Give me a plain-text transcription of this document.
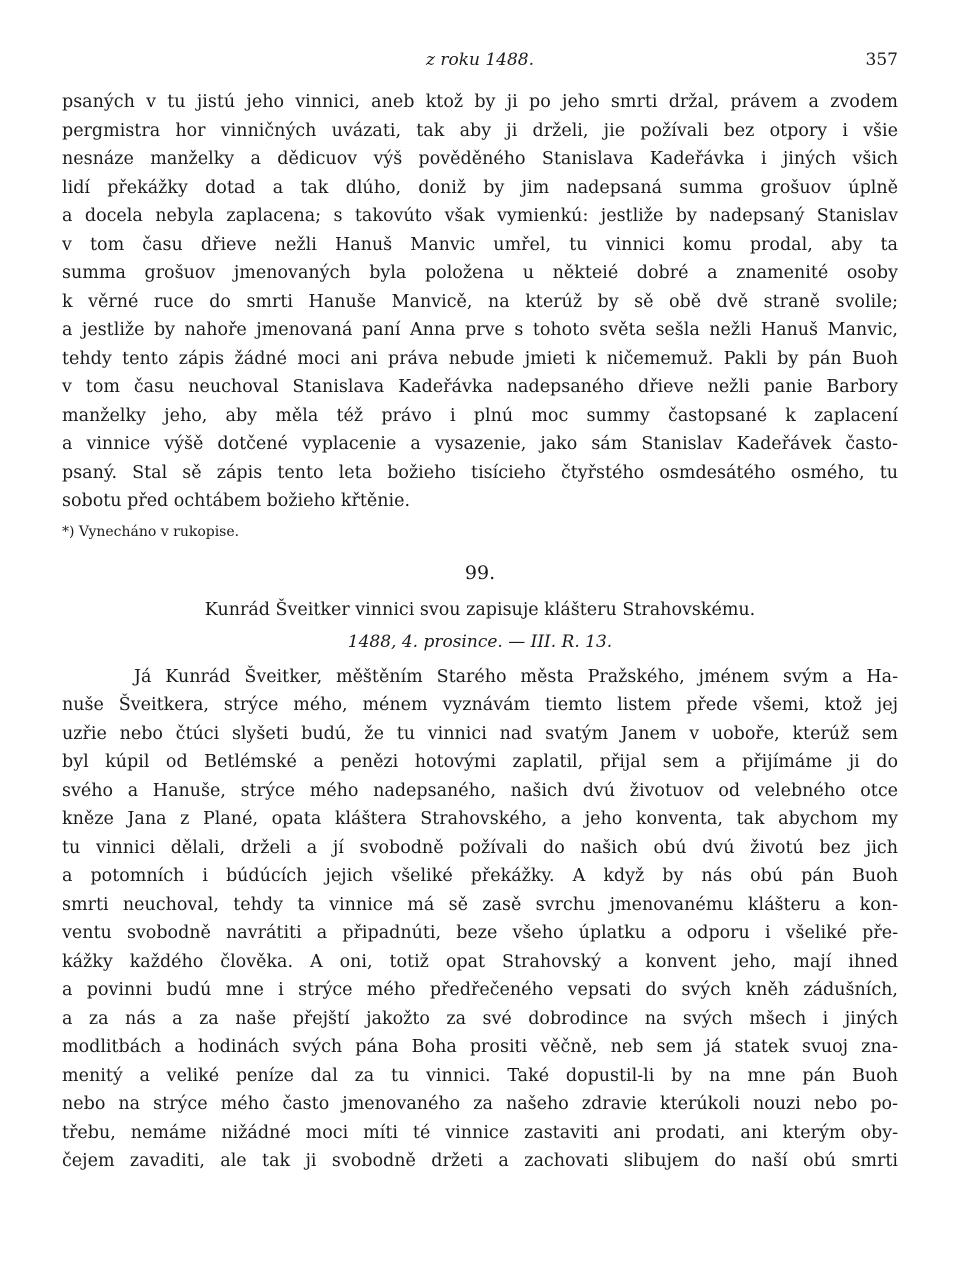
z roku 1488.	357

psaných v tu jistú jeho vinnici, aneb ktož by ji po jeho smrti držal, právem a zvodem
pergmistra hor vinničných uvázati, tak aby ji drželi, jie požívali bez otpory i všie
nesnáze manželky a dědicuov výš pověděného Stanislava Kadeřávka i jiných všich
lidí překážky dotad a tak dlúho, doniž by jim nadepsaná summa grošuov úplně
a docela nebyla zaplacena; s takovúto však vymienkú: jestliže by nadepsaný Stanislav
v tom času dřieve nežli Hanuš Manvic umřel, tu vinnici komu prodal, aby ta
summa grošuov jmenovaných byla položena u někteié dobré a znamenité osoby
k věrné ruce do smrti Hanuše Manvicě, na kterúž by sě obě dvě straně svolile;
a jestliže by nahoře jmenovaná paní Anna prve s tohoto světa sešla nežli Hanuš Manvic,
tehdy tento zápis žádné moci ani práva nebude jmieti k ničememuž. Pakli by pán Buoh
v tom času neuchoval Stanislava Kadeřávka nadepsaného dřieve nežli panie Barbory
manželky jeho, aby měla též právo i plnú moc summy častopsané k zaplacení
a vinnice výšě dotčené vyplacenie a vysazenie, jako sám Stanislav Kadeřávek často-
psaný. Stal sě zápis tento leta božieho tisícieho čtyřstého osmdesátého osmého, tu
sobotu před ochtábem božieho křtěnie.

*) Vynecháno v rukopise.

99.
Kunrád Šveitker vinnici svou zapisuje klášteru Strahovskému.
1488, 4. prosince. — III. R. 13.

Já Kunrád Šveitker, měštěním Starého města Pražského, jménem svým a Ha-
nuše Šveitkera, strýce mého, ménem vyznávám tiemto listem přede všemi, ktož jej
uzřie nebo čtúci slyšeti budú, že tu vinnici nad svatým Janem v uoboře, kterúž sem
byl kúpil od Betlémské a penězi hotovými zaplatil, přijal sem a přijímáme ji do
svého a Hanuše, strýce mého nadepsaného, našich dvú životuov od velebného otce
kněze Jana z Plané, opata kláštera Strahovského, a jeho konventa, tak abychom my
tu vinnici dělali, drželi a jí svobodně požívali do našich obú dvú životú bez jich
a potomních i búdúcích jejich všeliké překážky. A když by nás obú pán Buoh
smrti neuchoval, tehdy ta vinnice má sě zasě svrchu jmenovanému klášteru a kon-
ventu svobodně navrátiti a připadnúti, beze všeho úplatku a odporu i všeliké pře-
kážky každého člověka. A oni, totiž opat Strahovský a konvent jeho, mají ihned
a povinni budú mne i strýce mého předřečeného vepsati do svých kněh zádušních,
a za nás a za naše přejští jakožto za své dobrodince na svých mšech i jiných
modlitbách a hodinách svých pána Boha prositi věčně, neb sem já statek svuoj zna-
menitý a veliké peníze dal za tu vinnici. Také dopustil-li by na mne pán Buoh
nebo na strýce mého často jmenovaného za našeho zdravie kterúkoli nouzi nebo po-
třebu, nemáme nižádné moci míti té vinnice zastaviti ani prodati, ani kterým oby-
čejem zavaditi, ale tak ji svobodně držeti a zachovati slibujem do naší obú smrti
